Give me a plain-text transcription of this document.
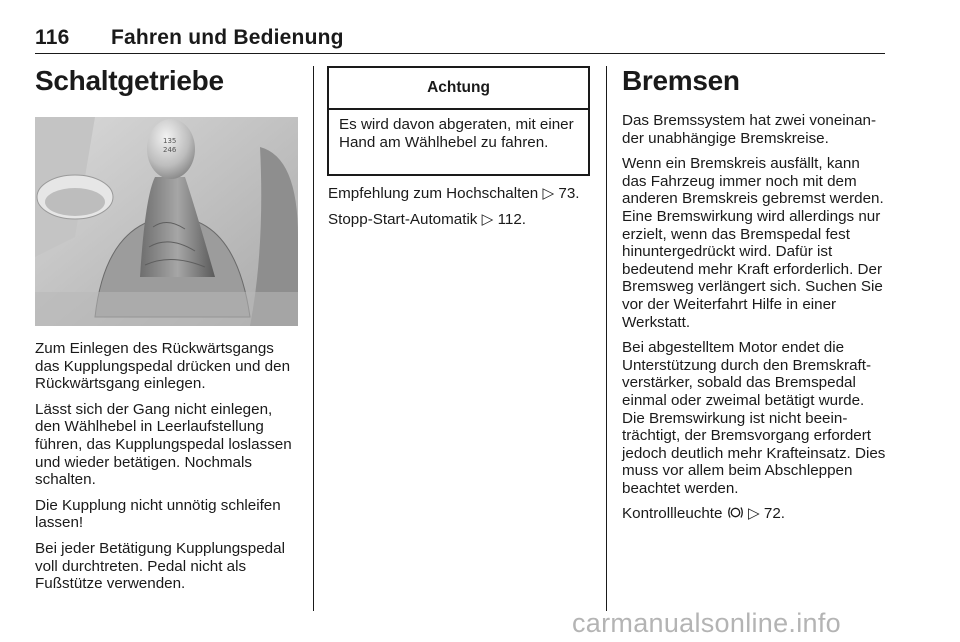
116 Fahren und Bedienung
Schaltgetriebe
135
246

Zum Einlegen des Rückwärtsgangs das Kupplungspedal drücken und den Rückwärtsgang einlegen.

Lässt sich der Gang nicht einlegen, den Wählhebel in Leerlaufstellung führen, das Kupplungspedal loslassen und wieder betätigen. Nochmals schalten.

Die Kupplung nicht unnötig schleifen lassen!

Bei jeder Betätigung Kupplungspedal voll durchtreten. Pedal nicht als Fußstütze verwenden.

Achtung
Es wird davon abgeraten, mit einer Hand am Wählhebel zu fahren.

Empfehlung zum Hochschalten ▷ 73.

Stopp-Start-Automatik ▷ 112.

Bremsen

Das Bremssystem hat zwei voneinander unabhängige Bremskreise.

Wenn ein Bremskreis ausfällt, kann das Fahrzeug immer noch mit dem anderen Bremskreis gebremst werden. Eine Bremswirkung wird allerdings nur erzielt, wenn das Bremspedal fest hinuntergedrückt wird. Dafür ist bedeutend mehr Kraft erforderlich. Der Bremsweg verlängert sich. Suchen Sie vor der Weiterfahrt Hilfe in einer Werkstatt.

Bei abgestelltem Motor endet die Unterstützung durch den Bremskraftverstärker, sobald das Bremspedal einmal oder zweimal betätigt wurde. Die Bremswirkung ist nicht beeinträchtigt, der Bremsvorgang erfordert jedoch deutlich mehr Krafteinsatz. Dies muss vor allem beim Abschleppen beachtet werden.

Kontrollleuchte ▷ 72.

carmanualsonline.info
